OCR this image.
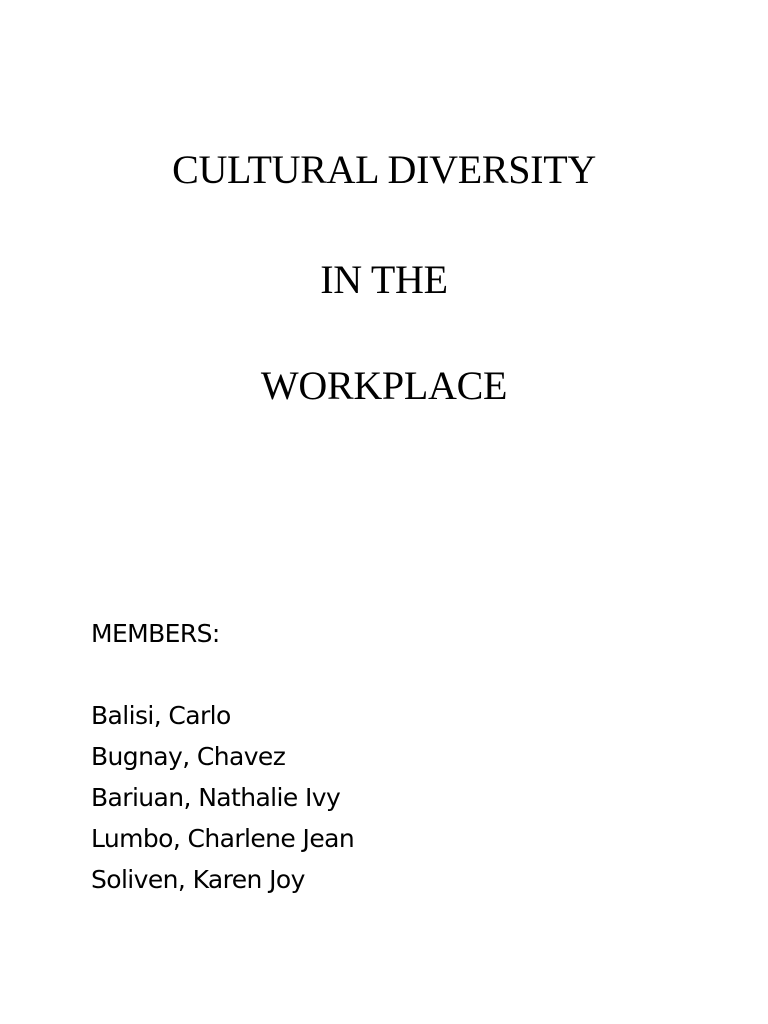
CULTURAL DIVERSITY
IN THE
WORKPLACE

MEMBERS:

Balisi, Carlo
Bugnay, Chavez
Bariuan, Nathalie Ivy
Lumbo, Charlene Jean
Soliven, Karen Joy
